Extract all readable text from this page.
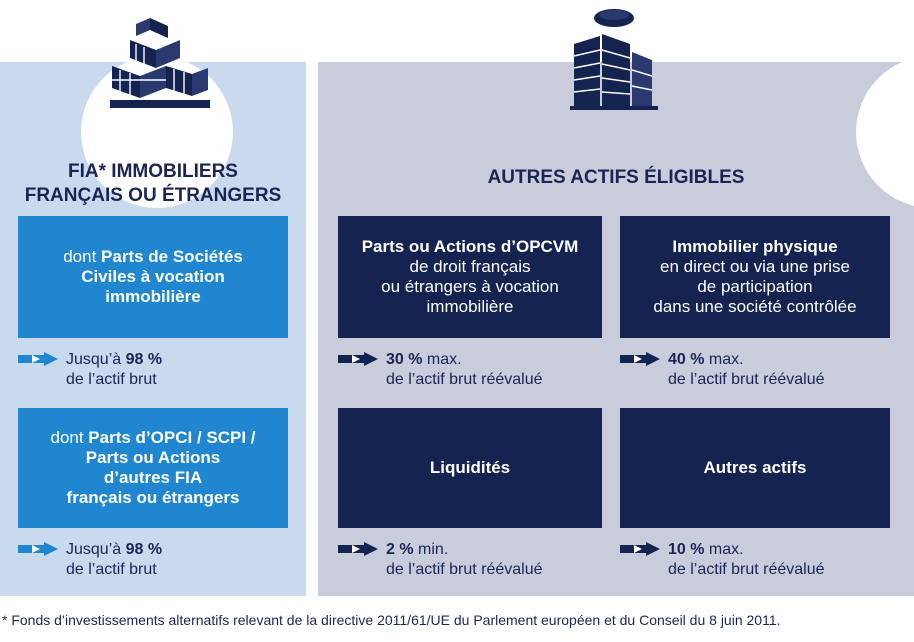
FIA* IMMOBILIERS
FRANÇAIS OU ÉTRANGERS
AUTRES ACTIFS ÉLIGIBLES
dont Parts de Sociétés
Civiles à vocation
immobilière
Jusqu’à 98 %
de l’actif brut
dont Parts d’OPCI / SCPI /
Parts ou Actions
d’autres FIA
français ou étrangers
Jusqu’à 98 %
de l’actif brut
Parts ou Actions d’OPCVM
de droit français
ou étrangers à vocation
immobilière
Immobilier physique
en direct ou via une prise
de participation
dans une société contrôlée
30 % max.
de l’actif brut réévalué
40 % max.
de l’actif brut réévalué
Liquidités	Autres actifs
2 % min.
de l’actif brut réévalué
10 % max.
de l’actif brut réévalué
* Fonds d’investissements alternatifs relevant de la directive 2011/61/UE du Parlement européen et du Conseil du 8 juin 2011.
